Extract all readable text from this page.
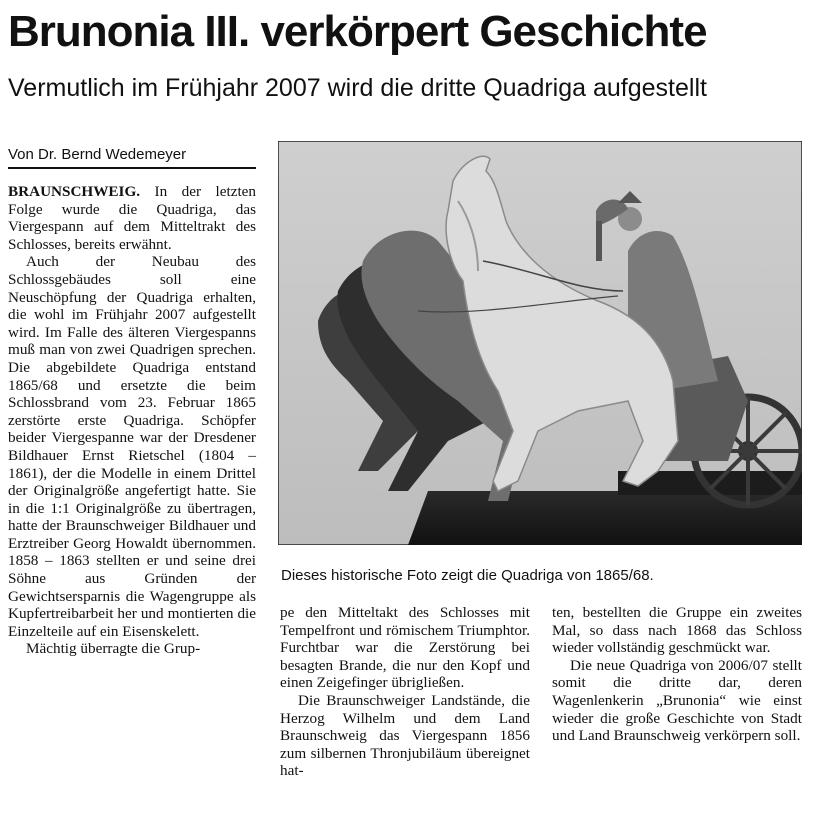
Brunonia III. verkörpert Geschichte
Vermutlich im Frühjahr 2007 wird die dritte Quadriga aufgestellt
Von Dr. Bernd Wedemeyer

BRAUNSCHWEIG. In der letzten Folge wurde die Quadriga, das Viergespann auf dem Mitteltrakt des Schlosses, bereits erwähnt.

Auch der Neubau des Schlossgebäudes soll eine Neuschöpfung der Quadriga erhalten, die wohl im Frühjahr 2007 aufgestellt wird. Im Falle des älteren Viergespanns muß man von zwei Quadrigen sprechen. Die abgebildete Quadriga entstand 1865/68 und ersetzte die beim Schlossbrand vom 23. Februar 1865 zerstörte erste Quadriga. Schöpfer beider Viergespanne war der Dresdener Bildhauer Ernst Rietschel (1804 – 1861), der die Modelle in einem Drittel der Originalgröße angefertigt hatte. Sie in die 1:1 Originalgröße zu übertragen, hatte der Braunschweiger Bildhauer und Erztreiber Georg Howaldt übernommen. 1858 – 1863 stellten er und seine drei Söhne aus Gründen der Gewichtsersparnis die Wagengruppe als Kupfertreibarbeit her und montierten die Einzelteile auf ein Eisenskelett.

Mächtig überragte die Grup-

Dieses historische Foto zeigt die Quadriga von 1865/68.

pe den Mitteltakt des Schlosses mit Tempelfront und römischem Triumphtor. Furchtbar war die Zerstörung bei besagten Brande, die nur den Kopf und einen Zeigefinger übrigließen.

Die Braunschweiger Landstände, die Herzog Wilhelm und dem Land Braunschweig das Viergespann 1856 zum silbernen Thronjubiläum übereignet hat-

ten, bestellten die Gruppe ein zweites Mal, so dass nach 1868 das Schloss wieder vollständig geschmückt war.

Die neue Quadriga von 2006/07 stellt somit die dritte dar, deren Wagenlenkerin „Brunonia“ wie einst wieder die große Geschichte von Stadt und Land Braunschweig verkörpern soll.
